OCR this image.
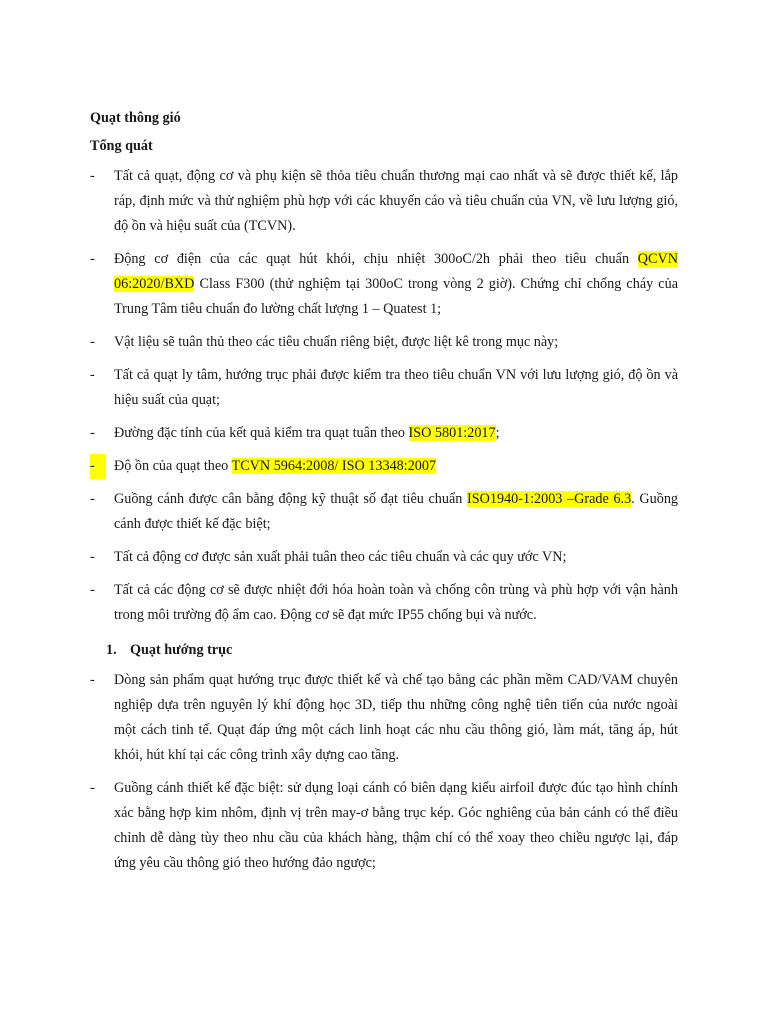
Quạt thông gió

Tổng quát

-	Tất cả quạt, động cơ và phụ kiện sẽ thỏa tiêu chuẩn thương mại cao nhất và sẽ được thiết kế, lắp ráp, định mức và thử nghiệm phù hợp với các khuyến cáo và tiêu chuẩn của VN, về lưu lượng gió, độ ồn và hiệu suất của (TCVN).
-	Động cơ điện của các quạt hút khói, chịu nhiệt 300oC/2h phải theo tiêu chuẩn QCVN 06:2020/BXD Class F300 (thử nghiệm tại 300oC trong vòng 2 giờ). Chứng chỉ chống cháy của Trung Tâm tiêu chuẩn đo lường chất lượng 1 – Quatest 1;
-	Vật liệu sẽ tuân thủ theo các tiêu chuẩn riêng biệt, được liệt kê trong mục này;
-	Tất cả quạt ly tâm, hướng trục phải được kiểm tra theo tiêu chuẩn VN với lưu lượng gió, độ ồn và hiệu suất của quạt;
-	Đường đặc tính của kết quả kiểm tra quạt tuân theo ISO 5801:2017;
-	Độ ồn của quạt theo TCVN 5964:2008/ ISO 13348:2007
-	Guồng cánh được cân bằng động kỹ thuật số đạt tiêu chuẩn ISO1940-1:2003 –Grade 6.3. Guồng cánh được thiết kế đặc biệt;
-	Tất cả động cơ được sản xuất phải tuân theo các tiêu chuẩn và các quy ước VN;
-	Tất cả các động cơ sẽ được nhiệt đới hóa hoàn toàn và chống côn trùng và phù hợp với vận hành trong môi trường độ ẩm cao. Động cơ sẽ đạt mức IP55 chống bụi và nước.
1. Quạt hướng trục
-	Dòng sản phẩm quạt hướng trục được thiết kế và chế tạo bằng các phần mềm CAD/VAM chuyên nghiệp dựa trên nguyên lý khí động học 3D, tiếp thu những công nghệ tiên tiến của nước ngoài một cách tinh tế. Quạt đáp ứng một cách linh hoạt các nhu cầu thông gió, làm mát, tăng áp, hút khói, hút khí tại các công trình xây dựng cao tầng.
-	Guồng cánh thiết kế đặc biệt: sử dụng loại cánh có biên dạng kiểu airfoil được đúc tạo hình chính xác bằng hợp kim nhôm, định vị trên may-ơ bằng trục kép. Góc nghiêng của bản cánh có thể điều chỉnh dễ dàng tùy theo nhu cầu của khách hàng, thậm chí có thể xoay theo chiều ngược lại, đáp ứng yêu cầu thông gió theo hướng đảo ngược;
